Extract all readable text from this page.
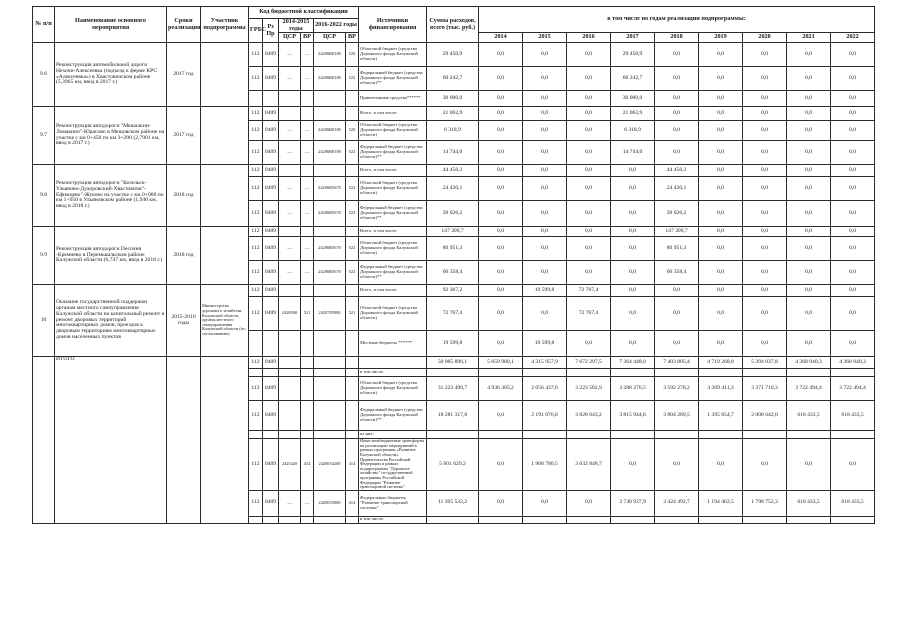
№ п/п	Наименование основного мероприятия	Сроки реализации	Участник подпрограммы	Код бюджетной классификации						Источники финансирования	Сумма расходов, всего (тыс. руб.)	в том числе по годам реализации подпрограммы:								
				ГРБС	Рз Пр	2014-2015 годы		2016-2022 годы												
						ЦСР	ВР	ЦСР	ВР			2014	2015	2016	2017	2018	2019	2020	2021	2022
9.6	Реконструкция автомобильной дороги Нехочи-Алексеевка (подъезд к ферме КРС «Алексеевка») в Хвастовичском районе (5,3965 км, ввод в 2017 г.)	2017 год		112	0409	—	—	24206R0180	520	Областной бюджет (средства Дорожного фонда Калужской области)	29 450,9	0,0	0,0	0,0	29 450,9	0,0	0,0	0,0	0,0	0,0
				112	0409	—	—	24206R0180	522	Федеральный бюджет (средства Дорожного фонда Калужской области)**	60 242,7	0,0	0,0	0,0	60 242,7	0,0	0,0	0,0	0,0	0,0
										Привлеченные средства******	30 000,0	0,0	0,0	0,0	30 000,0	0,0	0,0	0,0	0,0	0,0
9.7	Реконструкция автодороги "Мешалкин-Ломакино"-Юрасово в Мещовском районе на участке с км 0+450 по км 3+200 (2,7901 км, ввод в 2017 г.)	2017 год		112	0409					Всего, в том числе:	21 062,9	0,0	0,0	0,0	21 062,9	0,0	0,0	0,0	0,0	0,0
				112	0409	—	—	24206R0180	520	Областной бюджет (средства Дорожного фонда Калужской области)	6 318,9	0,0	0,0	0,0	6 318,9	0,0	0,0	0,0	0,0	0,0
				112	0409	—	—	24206R0180	522	Федеральный бюджет (средства Дорожного фонда Калужской области)**	14 744,0	0,0	0,0	0,0	14 744,0	0,0	0,0	0,0	0,0	0,0
9.8	Реконструкция автодороги "Козельск-Ульяново-Дудоровский-Хвастовичи"-Ефимцево"-Жуково на участке с км 0+000 по км 1+950 в Ульяновском районе (1,940 км, ввод в 2018 г.)	2018 год		112	0409					Всего, в том числе:	44 456,3	0,0	0,0	0,0	0,0	44 456,3	0,0	0,0	0,0	0,0
				112	0409	—	—	24206R5670	522	Областной бюджет (средства Дорожного фонда Калужской области)	24 430,1	0,0	0,0	0,0	0,0	24 430,1	0,0	0,0	0,0	0,0
				112	0409	—	—	24206R5670	522	Федеральный бюджет (средства Дорожного фонда Калужской области)**	20 026,2	0,0	0,0	0,0	0,0	20 026,2	0,0	0,0	0,0	0,0
9.9	Реконструкция автодороги Песочня -Кремнево в Перемышльском районе Калужской области (6,747 км, ввод в 2018 г.)	2018 год		112	0409					Всего, в том числе:	147 309,7	0,0	0,0	0,0	0,0	147 309,7	0,0	0,0	0,0	0,0
				112	0409	—	—	24206R5670	522	Областной бюджет (средства Дорожного фонда Калужской области)	80 951,3	0,0	0,0	0,0	0,0	80 951,3	0,0	0,0	0,0	0,0
				112	0409	—	—	24206R5670	522	Федеральный бюджет (средства Дорожного фонда Калужской области)**	66 358,4	0,0	0,0	0,0	0,0	66 358,4	0,0	0,0	0,0	0,0
10	Оказание государственной поддержки органам местного самоуправления Калужской области на капитальный ремонт и ремонт дворовых территорий многоквартирных домов, проездов к дворовым территориям многоквартирных домов населенных пунктов	2015-2016 годы	Министерство дорожного хозяйства Калужской области, органы местного самоуправления Калужской области (по согласованию)	112	0409					Всего, в том числе:	92 367,2	0,0	19 599,8	72 767,4	0,0	0,0	0,0	0,0	0,0	0,0
				112	0409	2428500	521	2420785900	521	Областной бюджет (средства Дорожного фонда Калужской области)	72 767,4	0,0	0,0	72 767,4	0,0	0,0	0,0	0,0	0,0	0,0
										Местные бюджеты ******	19 599,8	0,0	19 599,8	0,0	0,0	0,0	0,0	0,0	0,0	0,0
	ИТОГО			112	0409						50 065 896,1	5 659 980,1	4 315 957,9	7 672 297,5	7 364 448,0	7 403 805,4	4 719 268,8	5 394 037,8	4 368 040,3	4 368 040,3
										в том числе:										
				113	0409					Областной бюджет (средства Дорожного фонда Калужской области)	31 223 490,7	4 936 305,2	2 056 437,6	3 223 582,9	3 288 276,5	3 592 278,2	3 309 411,3	3 371 710,3	3 722 494,4	3 722 494,4
				112	0409					Федеральный бюджет (средства Дорожного фонда Калужской области)**	18 281 317,8	0,0	2 191 076,8	3 828 643,2	3 815 944,6	3 804 289,5	1 395 854,7	2 008 642,0	618 433,5	618 433,5
										из них:										
				112	0409	2425420	414	2420054200	414	Иные межбюджетные трансферты на реализацию мероприятий в рамках программы «Развитие Калужской области» Правительства Российской Федерации и рамках подпрограммы "Дорожное хозяйство" государственной программы Российской Федерации "Развитие транспортной системы"	5 601 629,2	0,0	1 968 780,5	3 632 848,7	0,0	0,0	0,0	0,0	0,0	0,0
				112	0409	—	—	2420053900	414	Федеральные бюджеты "Развитие транспортной системы"	11 395 532,2	0,0	0,0	0,0	3 740 937,9	3 424 492,7	1 194 462,5	1 798 752,3	618 433,5	618 433,5
										в том числе:										
